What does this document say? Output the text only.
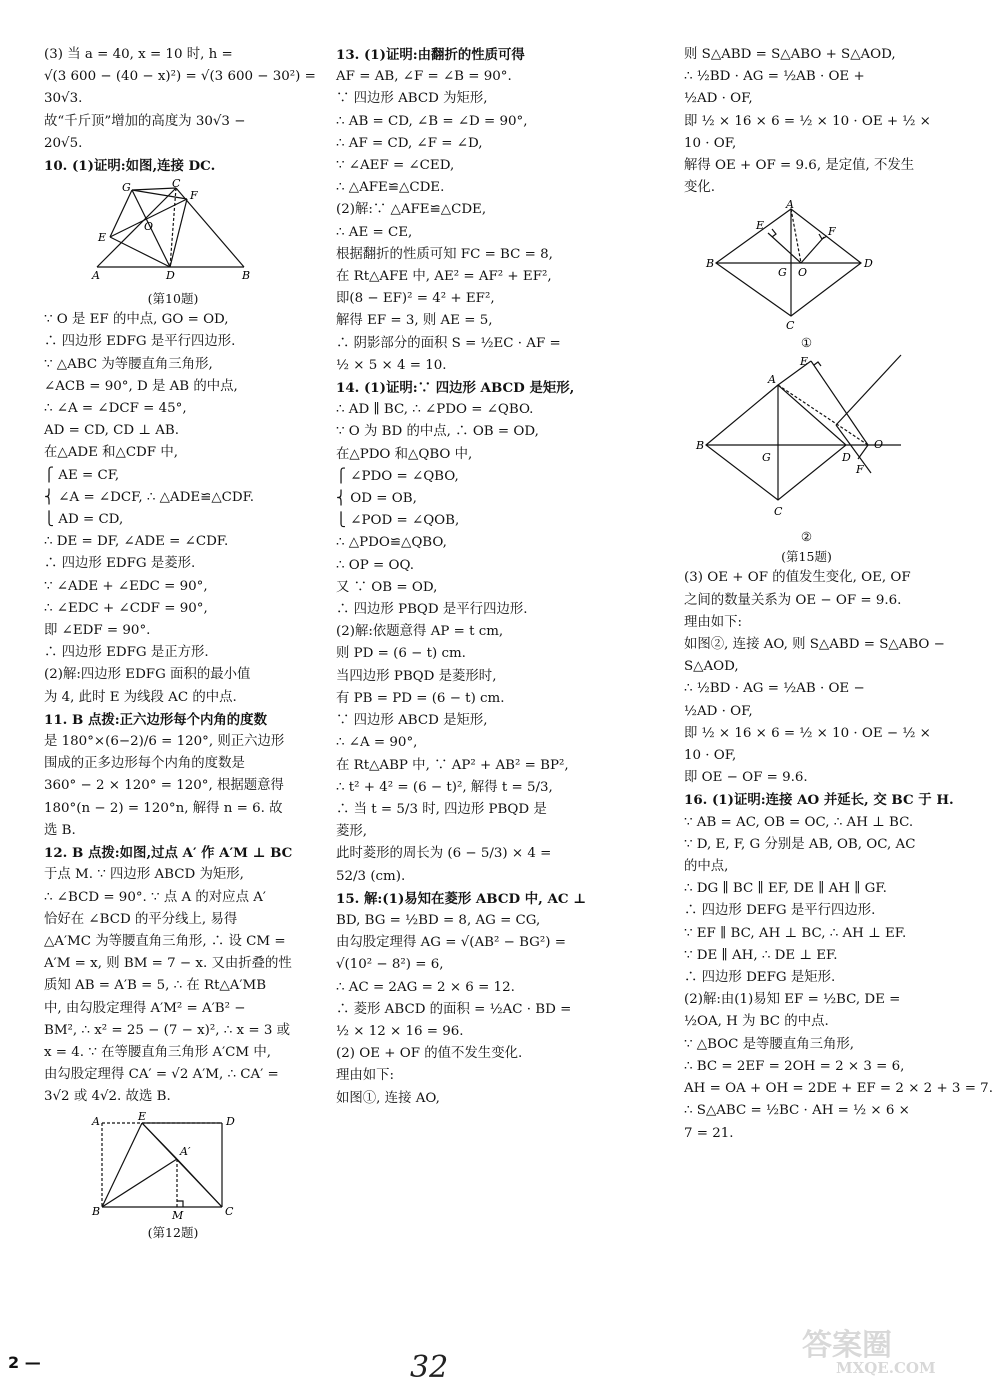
(3) 当 a = 40, x = 10 时, h =
√(3 600 − (40 − x)²) = √(3 600 − 30²) =
30√3.
故“千斤顶”增加的高度为 30√3 −
20√5.
10. (1)证明:如图,连接 DC.
G	C
F
O
E
A	D	B
(第10题)
∵ O 是 EF 的中点, GO = OD,
∴ 四边形 EDFG 是平行四边形.
∵ △ABC 为等腰直角三角形,
∠ACB = 90°, D 是 AB 的中点,
∴ ∠A = ∠DCF = 45°,
AD = CD, CD ⊥ AB.
在△ADE 和△CDF 中,
⎧ AE = CF,
⎨ ∠A = ∠DCF, ∴ △ADE≌△CDF.
⎩ AD = CD,
∴ DE = DF, ∠ADE = ∠CDF.
∴ 四边形 EDFG 是菱形.
∵ ∠ADE + ∠EDC = 90°,
∴ ∠EDC + ∠CDF = 90°,
即 ∠EDF = 90°.
∴ 四边形 EDFG 是正方形.
(2)解:四边形 EDFG 面积的最小值
为 4, 此时 E 为线段 AC 的中点.
11. B 点拨:正六边形每个内角的度数
是 180°×(6−2)/6 = 120°, 则正六边形
围成的正多边形每个内角的度数是
360° − 2 × 120° = 120°, 根据题意得
180°(n − 2) = 120°n, 解得 n = 6. 故
选 B.
12. B 点拨:如图,过点 A′ 作 A′M ⊥ BC
于点 M. ∵ 四边形 ABCD 为矩形,
∴ ∠BCD = 90°. ∵ 点 A 的对应点 A′
恰好在 ∠BCD 的平分线上, 易得
△A′MC 为等腰直角三角形, ∴ 设 CM =
A′M = x, 则 BM = 7 − x. 又由折叠的性
质知 AB = A′B = 5, ∴ 在 Rt△A′MB
中, 由勾股定理得 A′M² = A′B² −
BM², ∴ x² = 25 − (7 − x)², ∴ x = 3 或
x = 4. ∵ 在等腰直角三角形 A′CM 中,
由勾股定理得 CA′ = √2 A′M, ∴ CA′ =
3√2 或 4√2. 故选 B.
A	E	D
A′
B	M	C
(第12题)
13. (1)证明:由翻折的性质可得
AF = AB, ∠F = ∠B = 90°.
∵ 四边形 ABCD 为矩形,
∴ AB = CD, ∠B = ∠D = 90°,
∴ AF = CD, ∠F = ∠D,
∵ ∠AEF = ∠CED,
∴ △AFE≌△CDE.
(2)解:∵ △AFE≌△CDE,
∴ AE = CE,
根据翻折的性质可知 FC = BC = 8,
在 Rt△AFE 中, AE² = AF² + EF²,
即(8 − EF)² = 4² + EF²,
解得 EF = 3, 则 AE = 5,
∴ 阴影部分的面积 S = ½EC · AF =
½ × 5 × 4 = 10.
14. (1)证明:∵ 四边形 ABCD 是矩形,
∴ AD ∥ BC, ∴ ∠PDO = ∠QBO.
∵ O 为 BD 的中点, ∴ OB = OD,
在△PDO 和△QBO 中,
⎧ ∠PDO = ∠QBO,
⎨ OD = OB,
⎩ ∠POD = ∠QOB,
∴ △PDO≌△QBO,
∴ OP = OQ.
又 ∵ OB = OD,
∴ 四边形 PBQD 是平行四边形.
(2)解:依题意得 AP = t cm,
则 PD = (6 − t) cm.
当四边形 PBQD 是菱形时,
有 PB = PD = (6 − t) cm.
∵ 四边形 ABCD 是矩形,
∴ ∠A = 90°,
在 Rt△ABP 中, ∵ AP² + AB² = BP²,
∴ t² + 4² = (6 − t)², 解得 t = 5/3,
∴ 当 t = 5/3 时, 四边形 PBQD 是
菱形,
此时菱形的周长为 (6 − 5/3) × 4 =
52/3 (cm).
15. 解:(1)易知在菱形 ABCD 中, AC ⊥
BD, BG = ½BD = 8, AG = CG,
由勾股定理得 AG = √(AB² − BG²) =
√(10² − 8²) = 6,
∴ AC = 2AG = 2 × 6 = 12.
∴ 菱形 ABCD 的面积 = ½AC · BD =
½ × 12 × 16 = 96.
(2) OE + OF 的值不发生变化.
理由如下:
如图①, 连接 AO,
则 S△ABD = S△ABO + S△AOD,
∴ ½BD · AG = ½AB · OE +
½AD · OF,
即 ½ × 16 × 6 = ½ × 10 · OE + ½ ×
10 · OF,
解得 OE + OF = 9.6, 是定值, 不发生
变化.
A
E	F
B
G O
D
C
①
E
A
O
B
G	D
F
C
②
(第15题)
(3) OE + OF 的值发生变化, OE, OF
之间的数量关系为 OE − OF = 9.6.
理由如下:
如图②, 连接 AO, 则 S△ABD = S△ABO −
S△AOD,
∴ ½BD · AG = ½AB · OE −
½AD · OF,
即 ½ × 16 × 6 = ½ × 10 · OE − ½ ×
10 · OF,
即 OE − OF = 9.6.
16. (1)证明:连接 AO 并延长, 交 BC 于 H.
∵ AB = AC, OB = OC, ∴ AH ⊥ BC.
∵ D, E, F, G 分别是 AB, OB, OC, AC
的中点,
∴ DG ∥ BC ∥ EF, DE ∥ AH ∥ GF.
∴ 四边形 DEFG 是平行四边形.
∵ EF ∥ BC, AH ⊥ BC, ∴ AH ⊥ EF.
∵ DE ∥ AH, ∴ DE ⊥ EF.
∴ 四边形 DEFG 是矩形.
(2)解:由(1)易知 EF = ½BC, DE =
½OA, H 为 BC 的中点.
∵ △BOC 是等腰直角三角形,
∴ BC = 2EF = 2OH = 2 × 3 = 6,
AH = OA + OH = 2DE + EF = 2 × 2 + 3 = 7.
∴ S△ABC = ½BC · AH = ½ × 6 ×
7 = 21.
2 —	32
答案圈
MXQE.COM
